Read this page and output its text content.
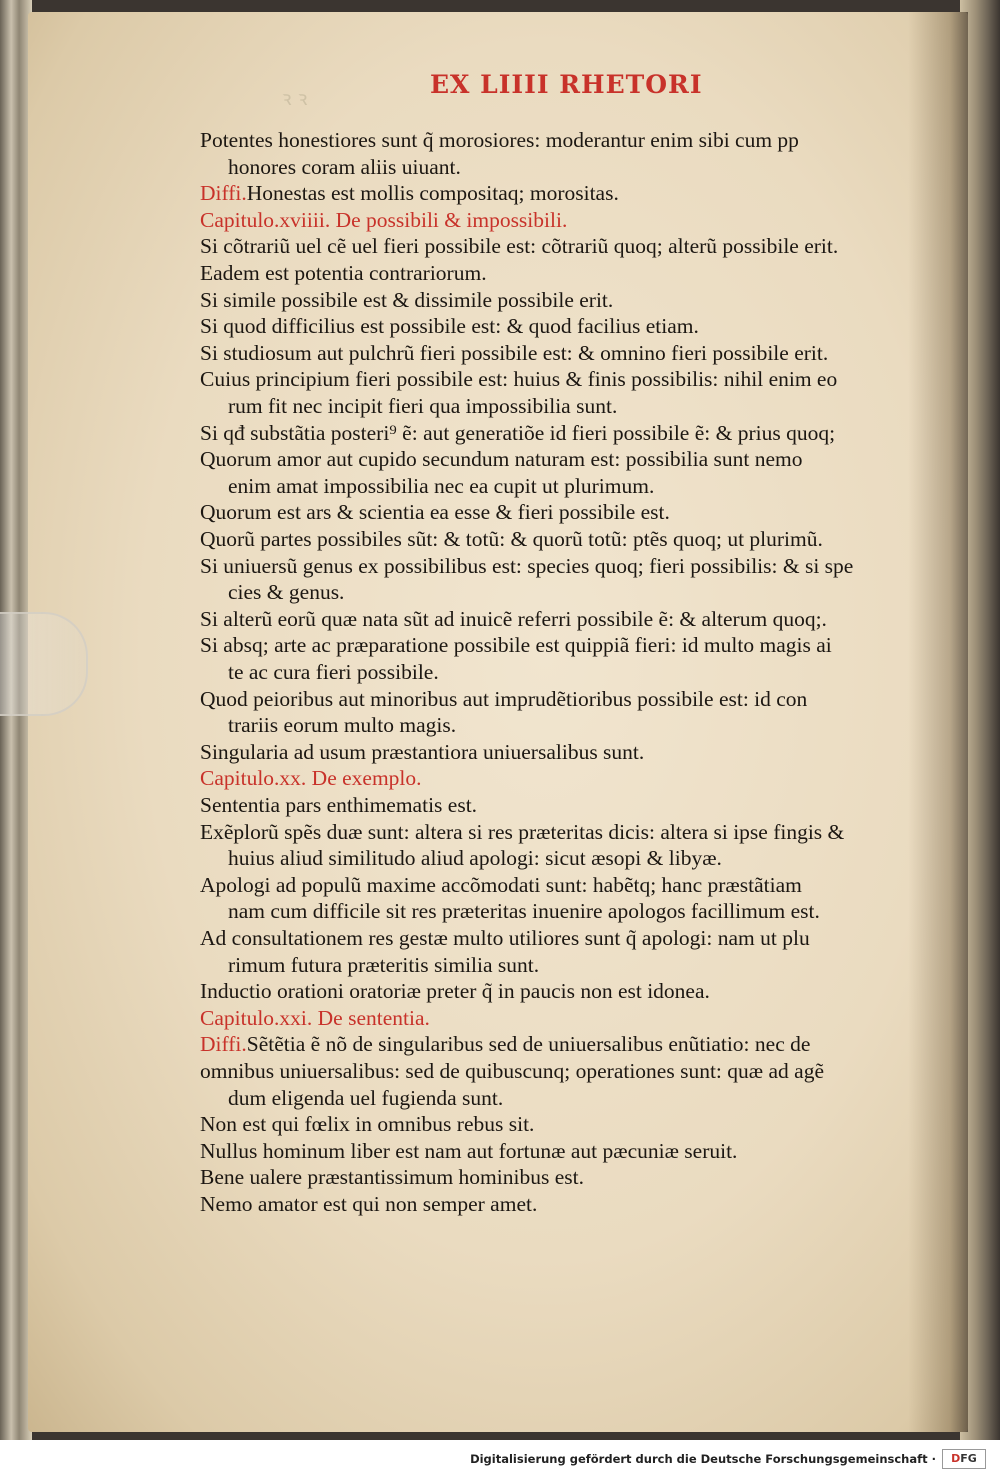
ꝛ ꝛ	EX LIIII RHETORI
Potentes honestiores sunt q̃ morosiores: moderantur enim sibi cum pp
honores coram aliis uiuant.
Diffi.Honestas est mollis compositaq; morositas.
Capitulo.xviiii. De possibili & impossibili.
Si cõtrariũ uel cẽ uel fieri possibile est: cõtrariũ quoq; alterũ possibile erit.
Eadem est potentia contrariorum.
Si simile possibile est & dissimile possibile erit.
Si quod difficilius est possibile est: & quod facilius etiam.
Si studiosum aut pulchrũ fieri possibile est: & omnino fieri possibile erit.
Cuius principium fieri possibile est: huius & finis possibilis: nihil enim eo
rum fit nec incipit fieri qua impossibilia sunt.
Si qđ substãtia posteri⁹ ẽ: aut generatiõe id fieri possibile ẽ: & prius quoq;
Quorum amor aut cupido secundum naturam est: possibilia sunt nemo
enim amat impossibilia nec ea cupit ut plurimum.
Quorum est ars & scientia ea esse & fieri possibile est.
Quorũ partes possibiles sũt: & totũ: & quorũ totũ: ptẽs quoq; ut plurimũ.
Si uniuersũ genus ex possibilibus est: species quoq; fieri possibilis: & si spe
cies & genus.
Si alterũ eorũ quæ nata sũt ad inuicẽ referri possibile ẽ: & alterum quoq;.
Si absq; arte ac præparatione possibile est quippiã fieri: id multo magis ai
te ac cura fieri possibile.
Quod peioribus aut minoribus aut imprudẽtioribus possibile est: id con
trariis eorum multo magis.
Singularia ad usum præstantiora uniuersalibus sunt.
Capitulo.xx. De exemplo.
Sententia pars enthimematis est.
Exẽplorũ spẽs duæ sunt: altera si res præteritas dicis: altera si ipse fingis &
huius aliud similitudo aliud apologi: sicut æsopi & libyæ.
Apologi ad populũ maxime accõmodati sunt: habẽtq; hanc præstãtiam
nam cum difficile sit res præteritas inuenire apologos facillimum est.
Ad consultationem res gestæ multo utiliores sunt q̃ apologi: nam ut plu
rimum futura præteritis similia sunt.
Inductio orationi oratoriæ preter q̃ in paucis non est idonea.
Capitulo.xxi. De sententia.
Diffi.Sẽtẽtia ẽ nõ de singularibus sed de uniuersalibus enũtiatio: nec de
omnibus uniuersalibus: sed de quibuscunq; operationes sunt: quæ ad agẽ
dum eligenda uel fugienda sunt.
Non est qui fœlix in omnibus rebus sit.
Nullus hominum liber est nam aut fortunæ aut pæcuniæ seruit.
Bene ualere præstantissimum hominibus est.
Nemo amator est qui non semper amet.
Digitalisierung gefördert durch die Deutsche Forschungsgemeinschaft ·	DFG
